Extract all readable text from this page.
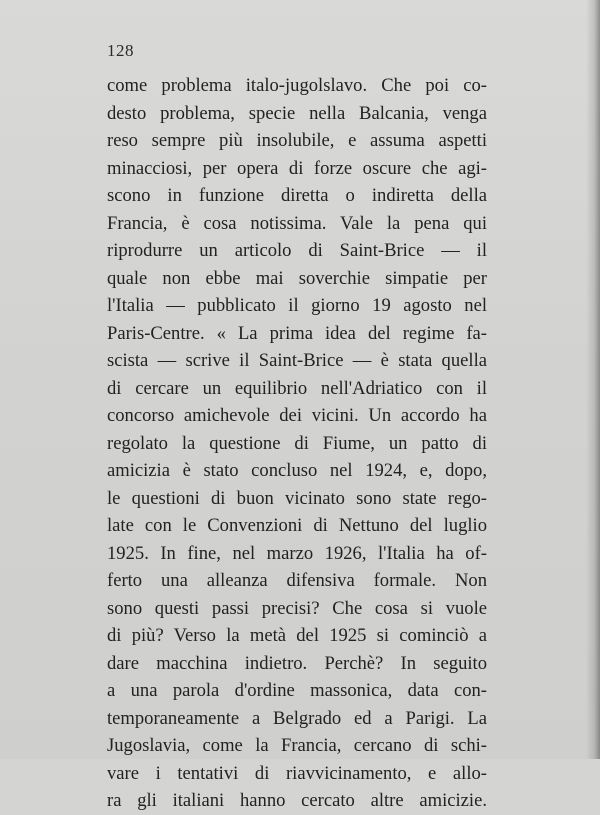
128
come problema italo-jugolslavo. Che poi co-
desto problema, specie nella Balcania, venga
reso sempre più insolubile, e assuma aspetti
minacciosi, per opera di forze oscure che agi-
scono in funzione diretta o indiretta della
Francia, è cosa notissima. Vale la pena qui
riprodurre un articolo di Saint-Brice — il
quale non ebbe mai soverchie simpatie per
l'Italia — pubblicato il giorno 19 agosto nel
Paris-Centre. « La prima idea del regime fa-
scista — scrive il Saint-Brice — è stata quella
di cercare un equilibrio nell'Adriatico con il
concorso amichevole dei vicini. Un accordo ha
regolato la questione di Fiume, un patto di
amicizia è stato concluso nel 1924, e, dopo,
le questioni di buon vicinato sono state rego-
late con le Convenzioni di Nettuno del luglio
1925. In fine, nel marzo 1926, l'Italia ha of-
ferto una alleanza difensiva formale. Non
sono questi passi precisi? Che cosa si vuole
di più? Verso la metà del 1925 si cominciò a
dare macchina indietro. Perchè? In seguito
a una parola d'ordine massonica, data con-
temporaneamente a Belgrado ed a Parigi. La
Jugoslavia, come la Francia, cercano di schi-
vare i tentativi di riavvicinamento, e allo-
ra gli italiani hanno cercato altre amicizie.
